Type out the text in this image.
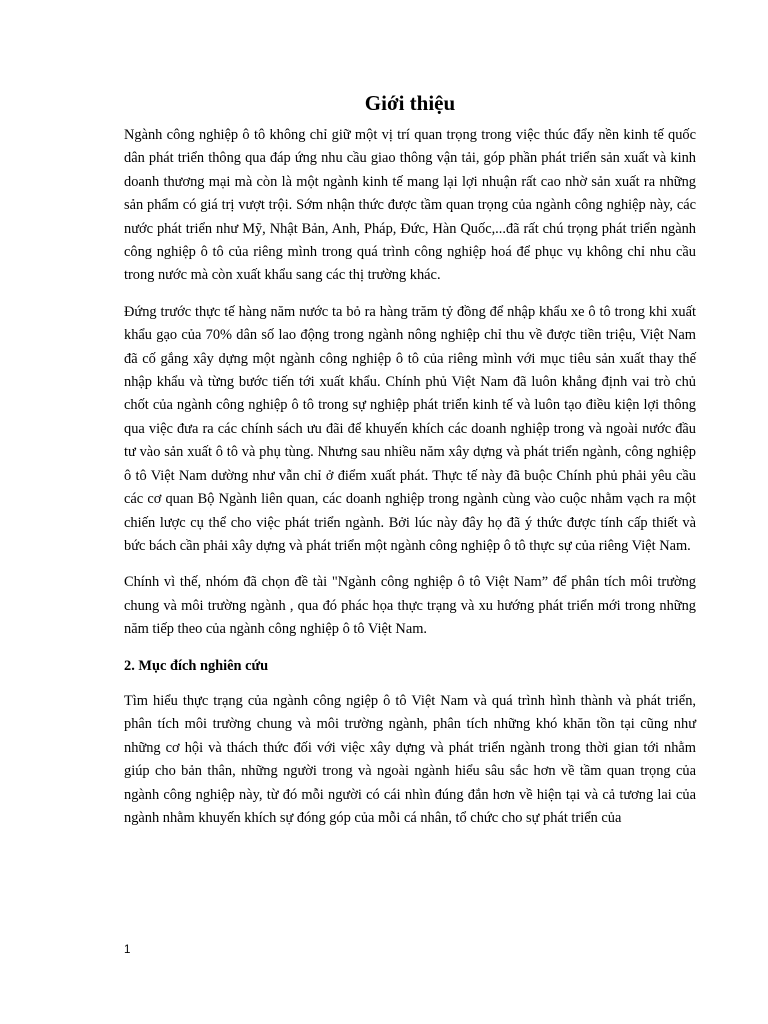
Giới thiệu

Ngành công nghiệp ô tô không chỉ giữ một vị trí quan trọng trong việc thúc đẩy nền kinh tế quốc dân phát triển thông qua đáp ứng nhu cầu giao thông vận tải, góp phần phát triển sản xuất và kinh doanh thương mại mà còn là một ngành kinh tế mang lại lợi nhuận rất cao nhờ sản xuất ra những sản phẩm có giá trị vượt trội. Sớm nhận thức được tầm quan trọng của ngành công nghiệp này, các nước phát triển như Mỹ, Nhật Bản, Anh, Pháp, Đức, Hàn Quốc,...đã rất chú trọng phát triển ngành công nghiệp ô tô của riêng mình trong quá trình công nghiệp hoá để phục vụ không chỉ nhu cầu trong nước mà còn xuất khẩu sang các thị trường khác.

Đứng trước thực tế hàng năm nước ta bỏ ra hàng trăm tỷ đồng để nhập khẩu xe ô tô trong khi xuất khẩu gạo của 70% dân số lao động trong ngành nông nghiệp chỉ thu về được tiền triệu, Việt Nam đã cố gắng xây dựng một ngành công nghiệp ô tô của riêng mình với mục tiêu sản xuất thay thế nhập khẩu và từng bước tiến tới xuất khẩu. Chính phủ Việt Nam đã luôn khẳng định vai trò chủ chốt của ngành công nghiệp ô tô trong sự nghiệp phát triển kinh tế và luôn tạo điều kiện lợi thông qua việc đưa ra các chính sách ưu đãi để khuyến khích các doanh nghiệp trong và ngoài nước đầu tư vào sản xuất ô tô và phụ tùng. Nhưng sau nhiều năm xây dựng và phát triển ngành, công nghiệp ô tô Việt Nam dường như vẫn chỉ ở điểm xuất phát. Thực tế này đã buộc Chính phủ phải yêu cầu các cơ quan Bộ Ngành liên quan, các doanh nghiệp trong ngành cùng vào cuộc nhằm vạch ra một chiến lược cụ thể cho việc phát triển ngành. Bởi lúc này đây họ đã ý thức được tính cấp thiết và bức bách cần phải xây dựng và phát triển một ngành công nghiệp ô tô thực sự của riêng Việt Nam.

Chính vì thế, nhóm đã chọn đề tài "Ngành công nghiệp ô tô Việt Nam” để phân tích môi trường chung và môi trường ngành , qua đó phác họa thực trạng và xu hướng phát triển mới trong những năm tiếp theo của ngành công nghiệp ô tô Việt Nam.

2. Mục đích nghiên cứu

Tìm hiểu thực trạng của ngành công ngiệp ô tô Việt Nam và quá trình hình thành và phát triển, phân tích môi trường chung và môi trường ngành, phân tích những khó khăn tồn tại cũng như những cơ hội và thách thức đối với việc xây dựng và phát triển ngành trong thời gian tới nhằm giúp cho bản thân, những người trong và ngoài ngành hiểu sâu sắc hơn về tầm quan trọng của ngành công nghiệp này, từ đó mỗi người có cái nhìn đúng đắn hơn về hiện tại và cả tương lai của ngành nhằm khuyến khích sự đóng góp của mỗi cá nhân, tổ chức cho sự phát triển của

1
